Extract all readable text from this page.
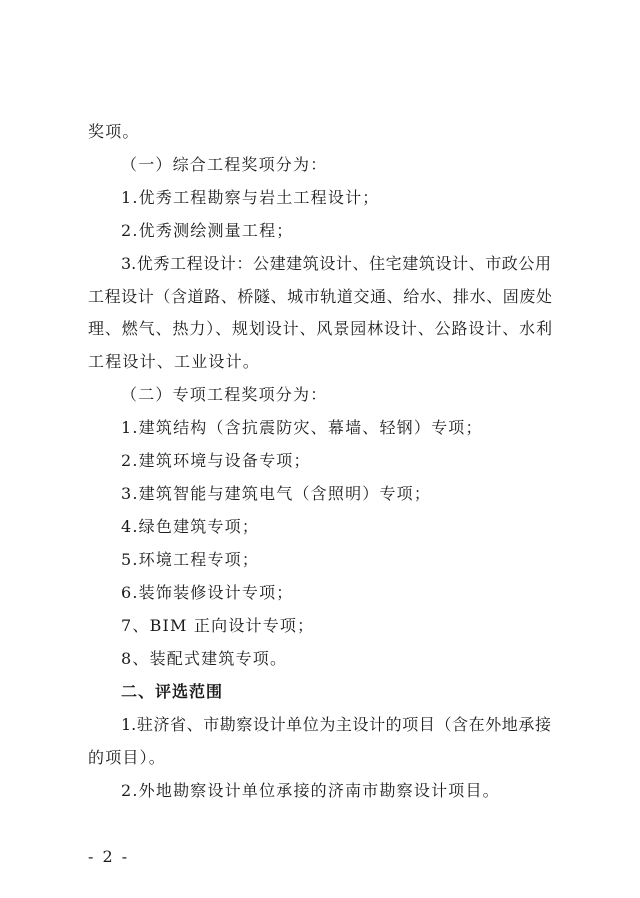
奖项。
（一）综合工程奖项分为：
1.优秀工程勘察与岩土工程设计；
2.优秀测绘测量工程；
3.优秀工程设计：公建建筑设计、住宅建筑设计、市政公用
工程设计（含道路、桥隧、城市轨道交通、给水、排水、固废处
理、燃气、热力）、规划设计、风景园林设计、公路设计、水利
工程设计、工业设计。
（二）专项工程奖项分为：
1.建筑结构（含抗震防灾、幕墙、轻钢）专项；
2.建筑环境与设备专项；
3.建筑智能与建筑电气（含照明）专项；
4.绿色建筑专项；
5.环境工程专项；
6.装饰装修设计专项；
7、BIM 正向设计专项；
8、装配式建筑专项。
二、评选范围
1.驻济省、市勘察设计单位为主设计的项目（含在外地承接
的项目）。
2.外地勘察设计单位承接的济南市勘察设计项目。
- 2 -
